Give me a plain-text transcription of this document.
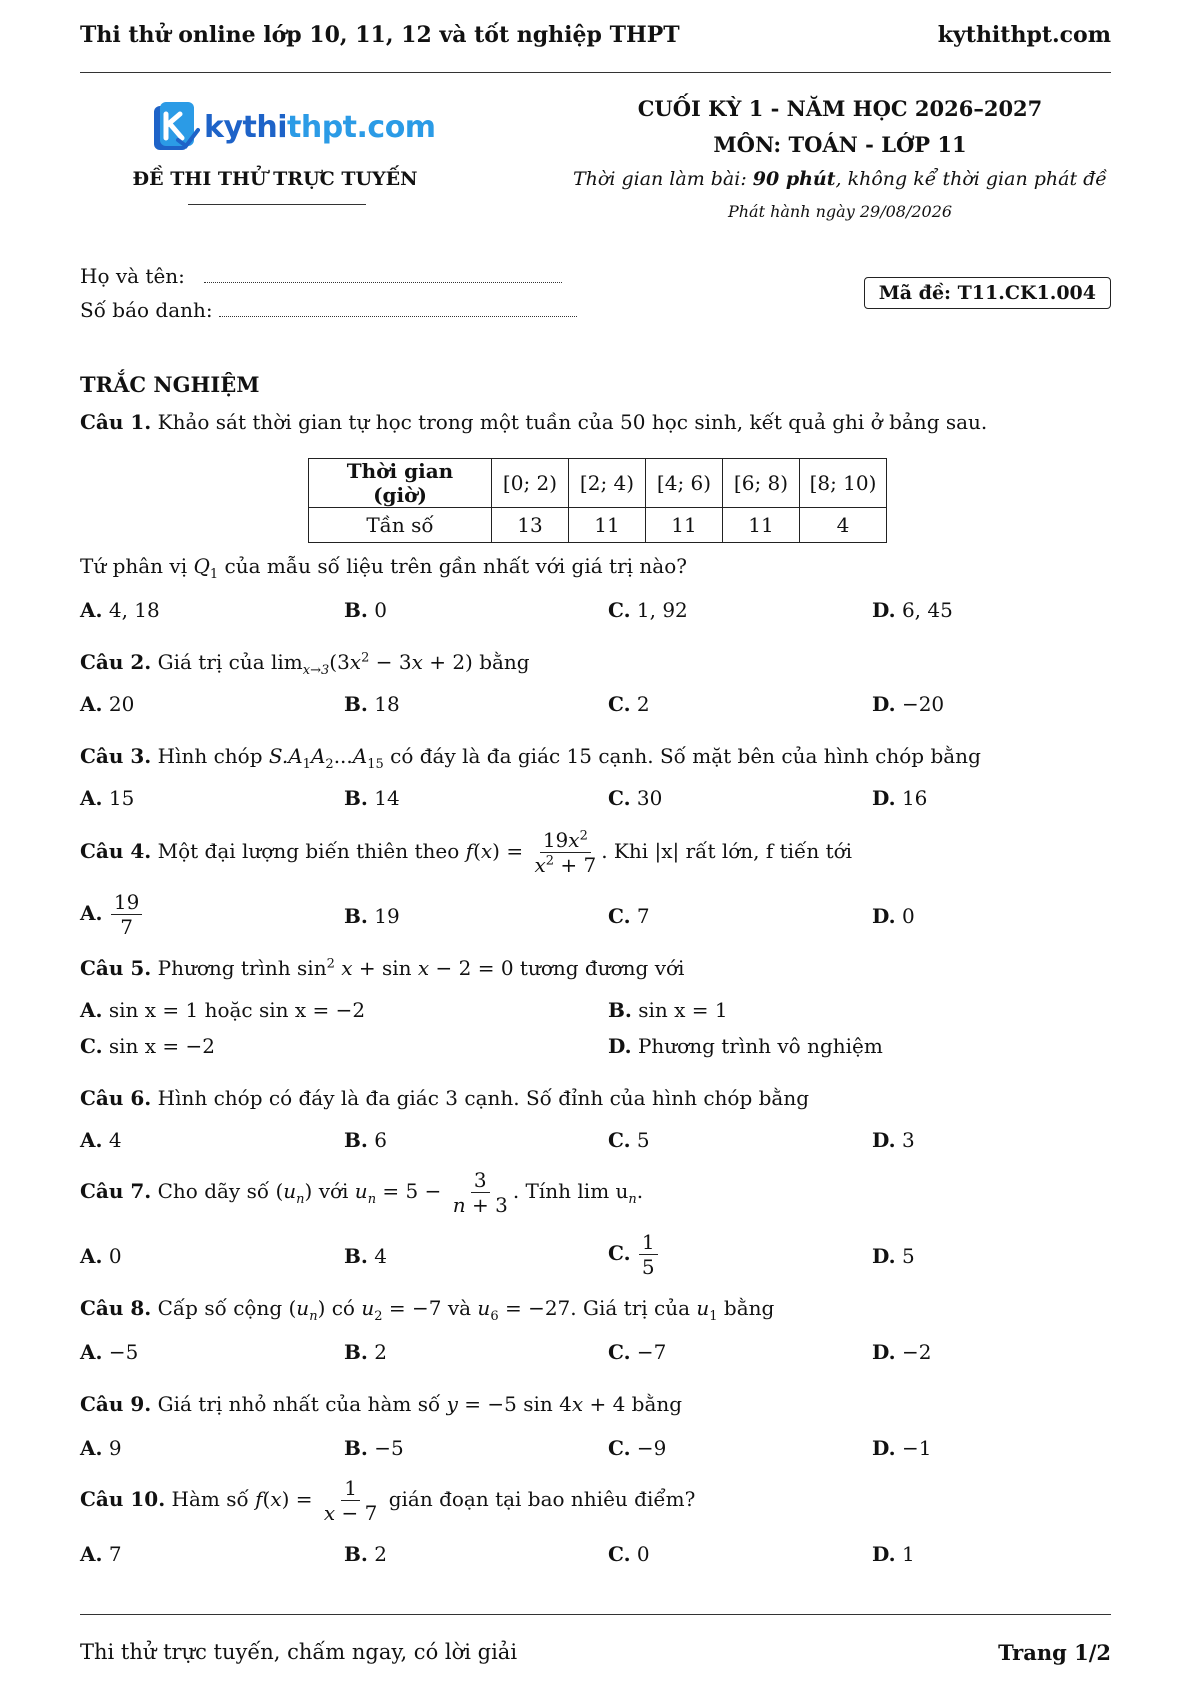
Thi thử online lớp 10, 11, 12 và tốt nghiệp THPT	kythithpt.com
kythithpt.com
ĐỀ THI THỬ TRỰC TUYẾN
CUỐI KỲ 1 - NĂM HỌC 2026–2027
MÔN: TOÁN - LỚP 11
Thời gian làm bài: 90 phút, không kể thời gian phát đề
Phát hành ngày 29/08/2026
Họ và tên:
Số báo danh:
Mã đề: T11.CK1.004
TRẮC NGHIỆM
Câu 1. Khảo sát thời gian tự học trong một tuần của 50 học sinh, kết quả ghi ở bảng sau.
Thời gian (giờ)	[0; 2)	[2; 4)	[4; 6)	[6; 8)	[8; 10)
Tần số	13	11	11	11	4
Tứ phân vị $Q_1$ của mẫu số liệu trên gần nhất với giá trị nào?
A. 4, 18	B. 0	C. 1, 92	D. 6, 45
Câu 2. Giá trị của $\lim_{x\to 3}(3x^2 - 3x + 2)$ bằng
A. 20	B. 18	C. 2	D. −20
Câu 3. Hình chóp $S.A_1A_2...A_{15}$ có đáy là đa giác 15 cạnh. Số mặt bên của hình chóp bằng
A. 15	B. 14	C. 30	D. 16
Câu 4. Một đại lượng biến thiên theo $f(x) = \frac{19x^2}{x^2 + 7}$ . Khi |x| rất lớn, f tiến tới
A. $\frac{19}{7}$	B. 19	C. 7	D. 0
Câu 5. Phương trình $\sin^2 x + \sin x - 2 = 0$ tương đương với
A. sin x = 1 hoặc sin x = −2	B. sin x = 1
C. sin x = −2	D. Phương trình vô nghiệm
Câu 6. Hình chóp có đáy là đa giác 3 cạnh. Số đỉnh của hình chóp bằng
A. 4	B. 6	C. 5	D. 3
Câu 7. Cho dãy số $(u_n)$ với $u_n = 5 - \frac{3}{n + 3}$ . Tính $\lim u_n$.
A. 0	B. 4	C. $\frac{1}{5}$	D. 5
Câu 8. Cấp số cộng $(u_n)$ có $u_2 = -7$ và $u_6 = -27$. Giá trị của $u_1$ bằng
A. −5	B. 2	C. −7	D. −2
Câu 9. Giá trị nhỏ nhất của hàm số y = −5 sin 4x + 4 bằng
A. 9	B. −5	C. −9	D. −1
Câu 10. Hàm số $f(x) = \frac{1}{x - 7}$ gián đoạn tại bao nhiêu điểm?
A. 7	B. 2	C. 0	D. 1
Thi thử trực tuyến, chấm ngay, có lời giải	Trang 1/2
